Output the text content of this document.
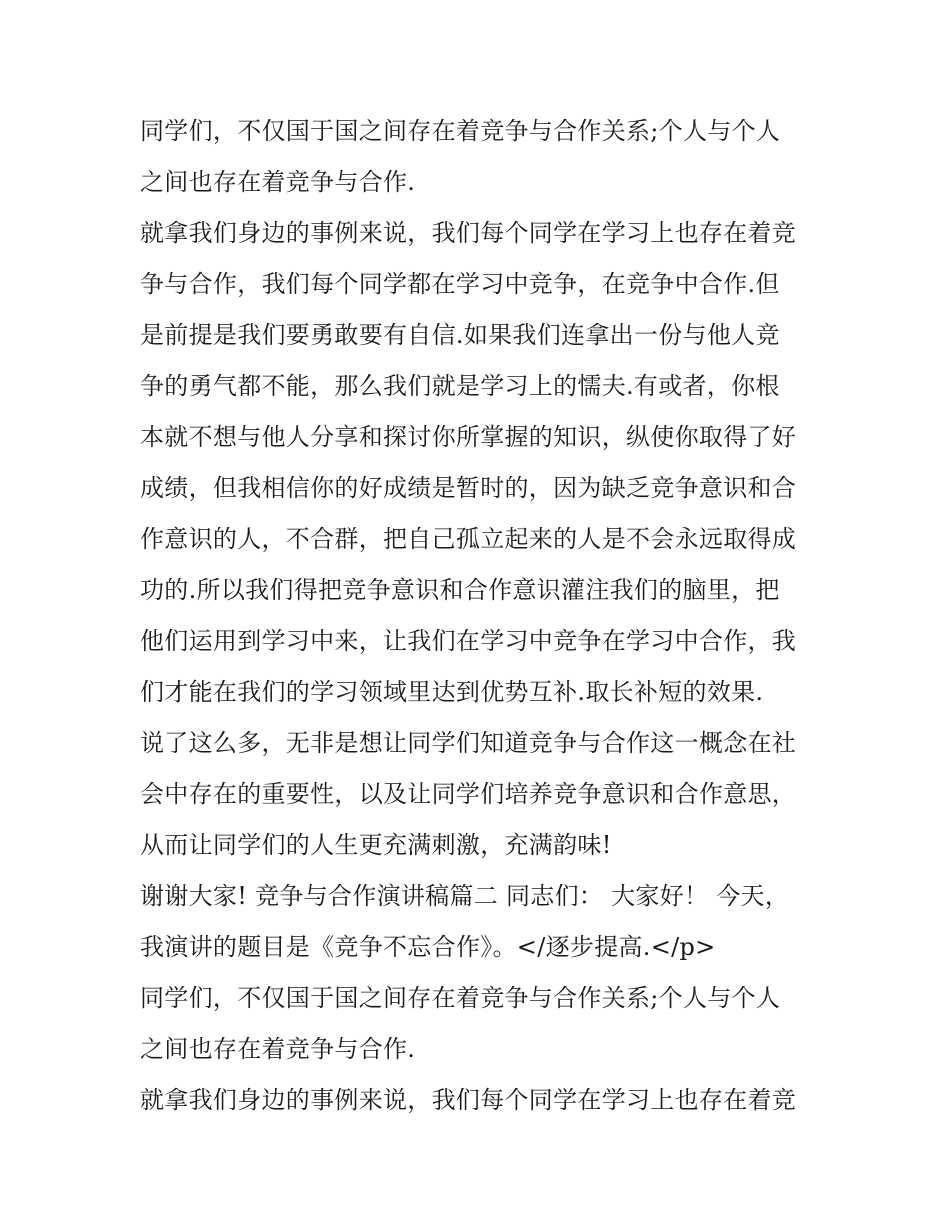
同学们，不仅国于国之间存在着竞争与合作关系;个人与个人
之间也存在着竞争与合作.
就拿我们身边的事例来说，我们每个同学在学习上也存在着竞
争与合作，我们每个同学都在学习中竞争，在竞争中合作.但
是前提是我们要勇敢要有自信.如果我们连拿出一份与他人竞
争的勇气都不能，那么我们就是学习上的懦夫.有或者，你根
本就不想与他人分享和探讨你所掌握的知识，纵使你取得了好
成绩，但我相信你的好成绩是暂时的，因为缺乏竞争意识和合
作意识的人，不合群，把自己孤立起来的人是不会永远取得成
功的.所以我们得把竞争意识和合作意识灌注我们的脑里，把
他们运用到学习中来，让我们在学习中竞争在学习中合作，我
们才能在我们的学习领域里达到优势互补.取长补短的效果.
说了这么多，无非是想让同学们知道竞争与合作这一概念在社
会中存在的重要性，以及让同学们培养竞争意识和合作意思，
从而让同学们的人生更充满刺激，充满韵味!
谢谢大家! 竞争与合作演讲稿篇二 同志们： 大家好！ 今天，
我演讲的题目是《竞争不忘合作》。</逐步提高.</p>
同学们，不仅国于国之间存在着竞争与合作关系;个人与个人
之间也存在着竞争与合作.
就拿我们身边的事例来说，我们每个同学在学习上也存在着竞
